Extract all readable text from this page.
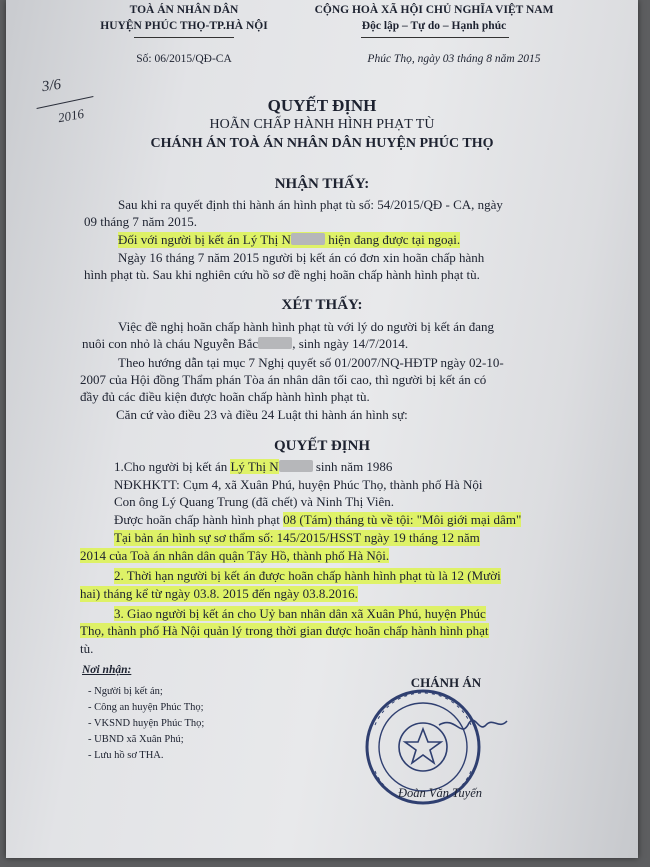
TOÀ ÁN NHÂN DÂN
HUYỆN PHÚC THỌ-TP.HÀ NỘI
Số: 06/2015/QĐ-CA
CỘNG HOÀ XÃ HỘI CHỦ NGHĨA VIỆT NAM
Độc lập – Tự do – Hạnh phúc
Phúc Thọ, ngày 03 tháng 8 năm 2015
3/6
2016
QUYẾT ĐỊNH
HOÃN CHẤP HÀNH HÌNH PHẠT TÙ
CHÁNH ÁN TOÀ ÁN NHÂN DÂN HUYỆN PHÚC THỌ
NHẬN THẤY:
Sau khi ra quyết định thi hành án hình phạt tù số: 54/2015/QĐ - CA, ngày
09 tháng 7 năm 2015.
Đối với người bị kết án Lý Thị N	hiện đang được tại ngoại.
Ngày 16 tháng 7 năm 2015 người bị kết án có đơn xin hoãn chấp hành
hình phạt tù. Sau khi nghiên cứu hồ sơ đề nghị hoãn chấp hành hình phạt tù.
XÉT THẤY:
Việc đề nghị hoãn chấp hành hình phạt tù với lý do người bị kết án đang
nuôi con nhỏ là cháu Nguyễn Bắc	, sinh ngày 14/7/2014.
Theo hướng dẫn tại mục 7 Nghị quyết số 01/2007/NQ-HĐTP ngày 02-10-
2007 của Hội đồng Thẩm phán Tòa án nhân dân tối cao, thì người bị kết án có
đầy đủ các điều kiện được hoãn chấp hành hình phạt tù.
Căn cứ vào điều 23 và điều 24 Luật thi hành án hình sự:
QUYẾT ĐỊNH
1.Cho người bị kết án Lý Thị N	sinh năm 1986
NĐKHKTT: Cụm 4, xã Xuân Phú, huyện Phúc Thọ, thành phố Hà Nội
Con ông Lý Quang Trung (đã chết) và Ninh Thị Viên.
Được hoãn chấp hành hình phạt 08 (Tám) tháng tù về tội: "Môi giới mại dâm"
Tại bản án hình sự sơ thẩm số: 145/2015/HSST ngày 19 tháng 12 năm
2014 của Toà án nhân dân quận Tây Hồ, thành phố Hà Nội.
2. Thời hạn người bị kết án được hoãn chấp hành hình phạt tù là 12 (Mười
hai) tháng kể từ ngày 03.8. 2015 đến ngày 03.8.2016.
3. Giao người bị kết án cho Uỷ ban nhân dân xã Xuân Phú, huyện Phúc
Thọ, thành phố Hà Nội quản lý trong thời gian được hoãn chấp hành hình phạt
tù.
Nơi nhận:
- Người bị kết án;
- Công an huyện Phúc Thọ;
- VKSND huyện Phúc Thọ;
- UBND xã Xuân Phú;
- Lưu hồ sơ THA.
CHÁNH ÁN
Đoàn Văn Tuyến
